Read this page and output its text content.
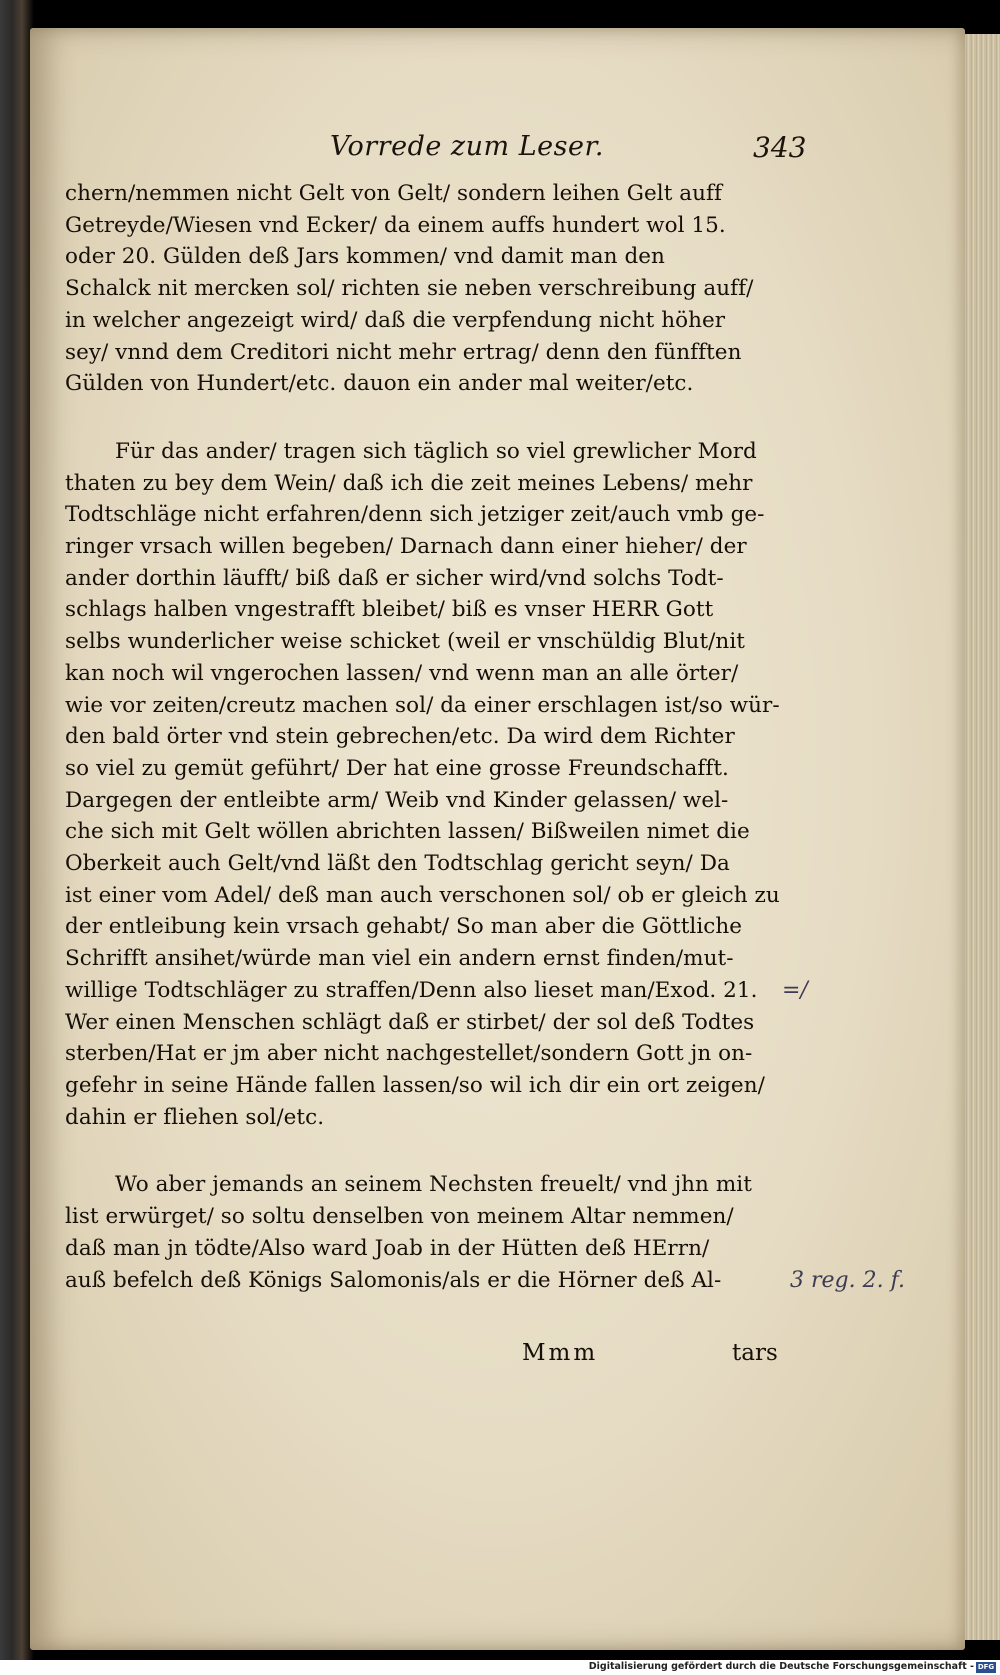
Vorrede zum Leser.	343
chern/nemmen nicht Gelt von Gelt/ sondern leihen Gelt auff
Getreyde/Wiesen vnd Ecker/ da einem auffs hundert wol 15.
oder 20. Gülden deß Jars kommen/ vnd damit man den
Schalck nit mercken sol/ richten sie neben verschreibung auff/
in welcher angezeigt wird/ daß die verpfendung nicht höher
sey/ vnnd dem Creditori nicht mehr ertrag/ denn den fünfften
Gülden von Hundert/etc. dauon ein ander mal weiter/etc.
Für das ander/ tragen sich täglich so viel grewlicher Mord
thaten zu bey dem Wein/ daß ich die zeit meines Lebens/ mehr
Todtschläge nicht erfahren/denn sich jetziger zeit/auch vmb ge-
ringer vrsach willen begeben/ Darnach dann einer hieher/ der
ander dorthin läufft/ biß daß er sicher wird/vnd solchs Todt-
schlags halben vngestrafft bleibet/ biß es vnser HERR Gott
selbs wunderlicher weise schicket (weil er vnschüldig Blut/nit
kan noch wil vngerochen lassen/ vnd wenn man an alle örter/
wie vor zeiten/creutz machen sol/ da einer erschlagen ist/so wür-
den bald örter vnd stein gebrechen/etc. Da wird dem Richter
so viel zu gemüt geführt/ Der hat eine grosse Freundschafft.
Dargegen der entleibte arm/ Weib vnd Kinder gelassen/ wel-
che sich mit Gelt wöllen abrichten lassen/ Bißweilen nimet die
Oberkeit auch Gelt/vnd läßt den Todtschlag gericht seyn/ Da
ist einer vom Adel/ deß man auch verschonen sol/ ob er gleich zu
der entleibung kein vrsach gehabt/ So man aber die Göttliche
Schrifft ansihet/würde man viel ein andern ernst finden/mut-
willige Todtschläger zu straffen/Denn also lieset man/Exod. 21.
Wer einen Menschen schlägt daß er stirbet/ der sol deß Todtes
sterben/Hat er jm aber nicht nachgestellet/sondern Gott jn on-
gefehr in seine Hände fallen lassen/so wil ich dir ein ort zeigen/
dahin er fliehen sol/etc.
Wo aber jemands an seinem Nechsten freuelt/ vnd jhn mit
list erwürget/ so soltu denselben von meinem Altar nemmen/
daß man jn tödte/Also ward Joab in der Hütten deß HErrn/
auß befelch deß Königs Salomonis/als er die Hörner deß Al-
Mmm	tars
=/
3 reg. 2. f.
Digitalisierung gefördert durch die Deutsche Forschungsgemeinschaft - DFG
